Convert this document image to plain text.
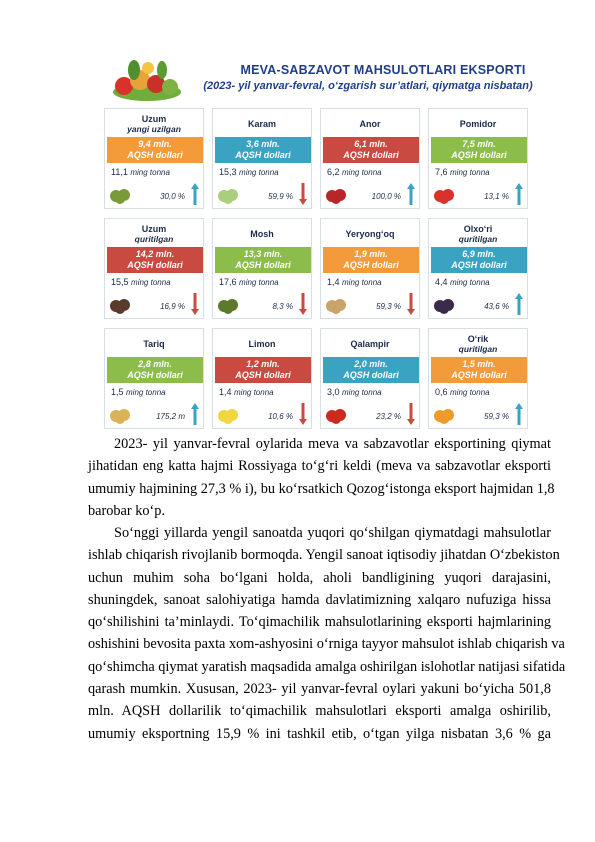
MEVA-SABZAVOT MAHSULOTLARI EKSPORTI
(2023- yil yanvar-fevral, o‘zgarish sur’atlari, qiymatga nisbatan)
Uzum
yangi uzilgan
9,4 mln.
AQSH dollari
11,1 ming tonna
30,0 %
Karam
3,6 mln.
AQSH dollari
15,3 ming tonna
59,9 %
Anor
6,1 mln.
AQSH dollari
6,2 ming tonna
100,0 %
Pomidor
7,5 mln.
AQSH dollari
7,6 ming tonna
13,1 %
Uzum
quritilgan
14,2 mln.
AQSH dollari
15,5 ming tonna
16,9 %
Mosh
13,3 mln.
AQSH dollari
17,6 ming tonna
8,3 %
Yeryong‘oq
1,9 mln.
AQSH dollari
1,4 ming tonna
59,3 %
Olxo‘ri
quritilgan
6,9 mln.
AQSH dollari
4,4 ming tonna
43,6 %
Tariq
2,8 mln.
AQSH dollari
1,5 ming tonna
175,2 m
Limon
1,2 mln.
AQSH dollari
1,4 ming tonna
10,6 %
Qalampir
2,0 mln.
AQSH dollari
3,0 ming tonna
23,2 %
O‘rik
quritilgan
1,5 mln.
AQSH dollari
0,6 ming tonna
59,3 %
2023- yil yanvar-fevral oylarida meva va sabzavotlar eksportining qiymat
jihatidan eng katta hajmi Rossiyaga to‘g‘ri keldi (meva va sabzavotlar eksporti
umumiy hajmining 27,3 % i), bu ko‘rsatkich Qozog‘istonga eksport hajmidan 1,8
barobar ko‘p.
So‘nggi yillarda yengil sanoatda yuqori qo‘shilgan qiymatdagi mahsulotlar
ishlab chiqarish rivojlanib bormoqda. Yengil sanoat iqtisodiy jihatdan O‘zbekiston
uchun muhim soha bo‘lgani holda, aholi bandligining yuqori darajasini,
shuningdek, sanoat salohiyatiga hamda davlatimizning xalqaro nufuziga hissa
qo‘shilishini ta’minlaydi. To‘qimachilik mahsulotlarining eksporti hajmlarining
oshishini bevosita paxta xom-ashyosini o‘rniga tayyor mahsulot ishlab chiqarish va
qo‘shimcha qiymat yaratish maqsadida amalga oshirilgan islohotlar natijasi sifatida
qarash mumkin. Xususan, 2023- yil yanvar-fevral oylari yakuni bo‘yicha 501,8
mln. AQSH dollarilik to‘qimachilik mahsulotlari eksporti amalga oshirilib,
umumiy eksportning 15,9 % ini tashkil etib, o‘tgan yilga nisbatan 3,6 % ga
